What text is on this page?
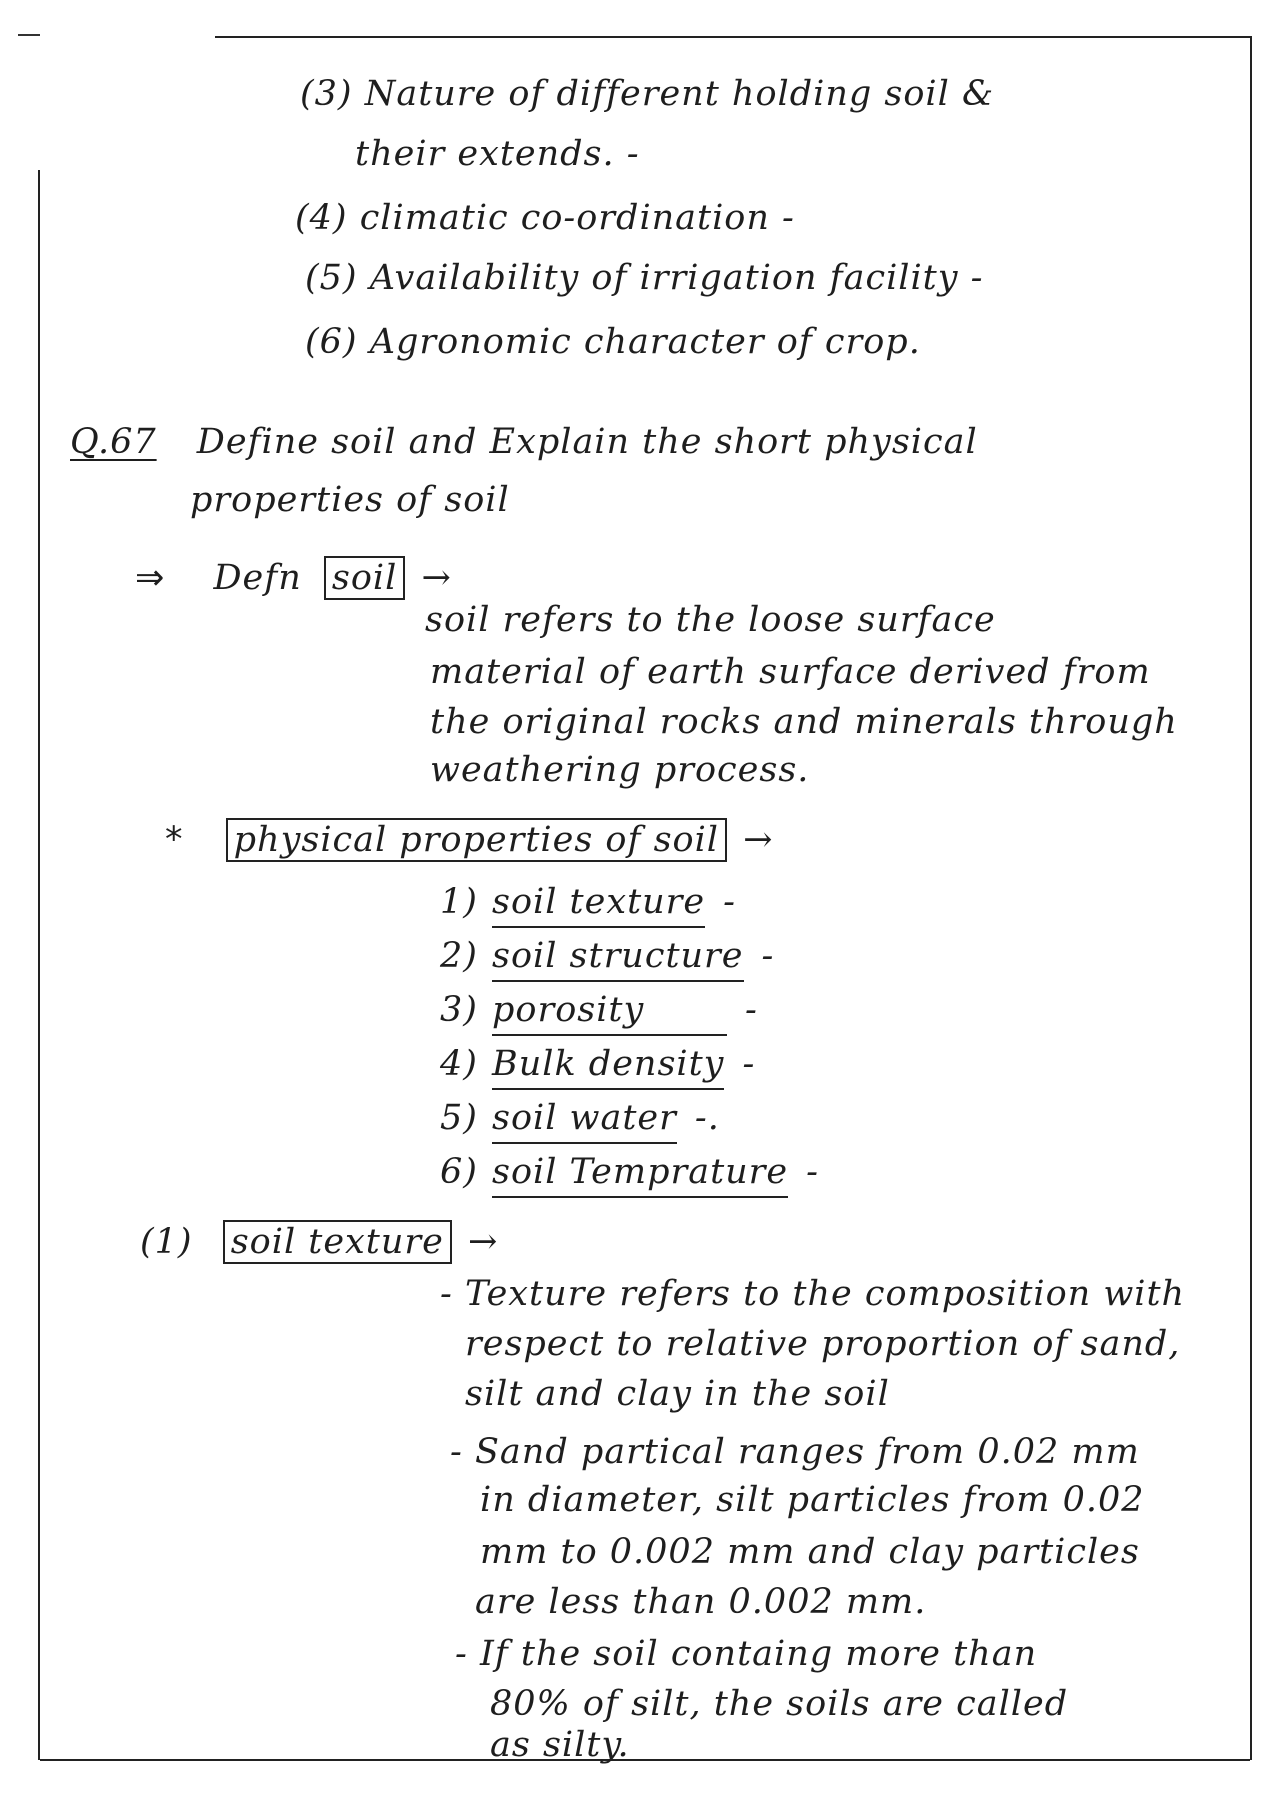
(3) Nature of different holding soil &
their extends. -
(4) climatic co-ordination -
(5) Availability of irrigation facility -
(6) Agronomic character of crop.
Q.67 Define soil and Explain the short physical
properties of soil
⇒ Defn soil →
soil refers to the loose surface
material of earth surface derived from
the original rocks and minerals through
weathering process.
* physical properties of soil →
1) soil texture -
2) soil structure -
3) porosity	-
4) Bulk density -
5) soil water -.
6) soil Temprature -
(1) soil texture →
- Texture refers to the composition with
respect to relative proportion of sand,
silt and clay in the soil
- Sand partical ranges from 0.02 mm
in diameter, silt particles from 0.02
mm to 0.002 mm and clay particles
are less than 0.002 mm.
- If the soil containg more than
80% of silt, the soils are called
as silty.
